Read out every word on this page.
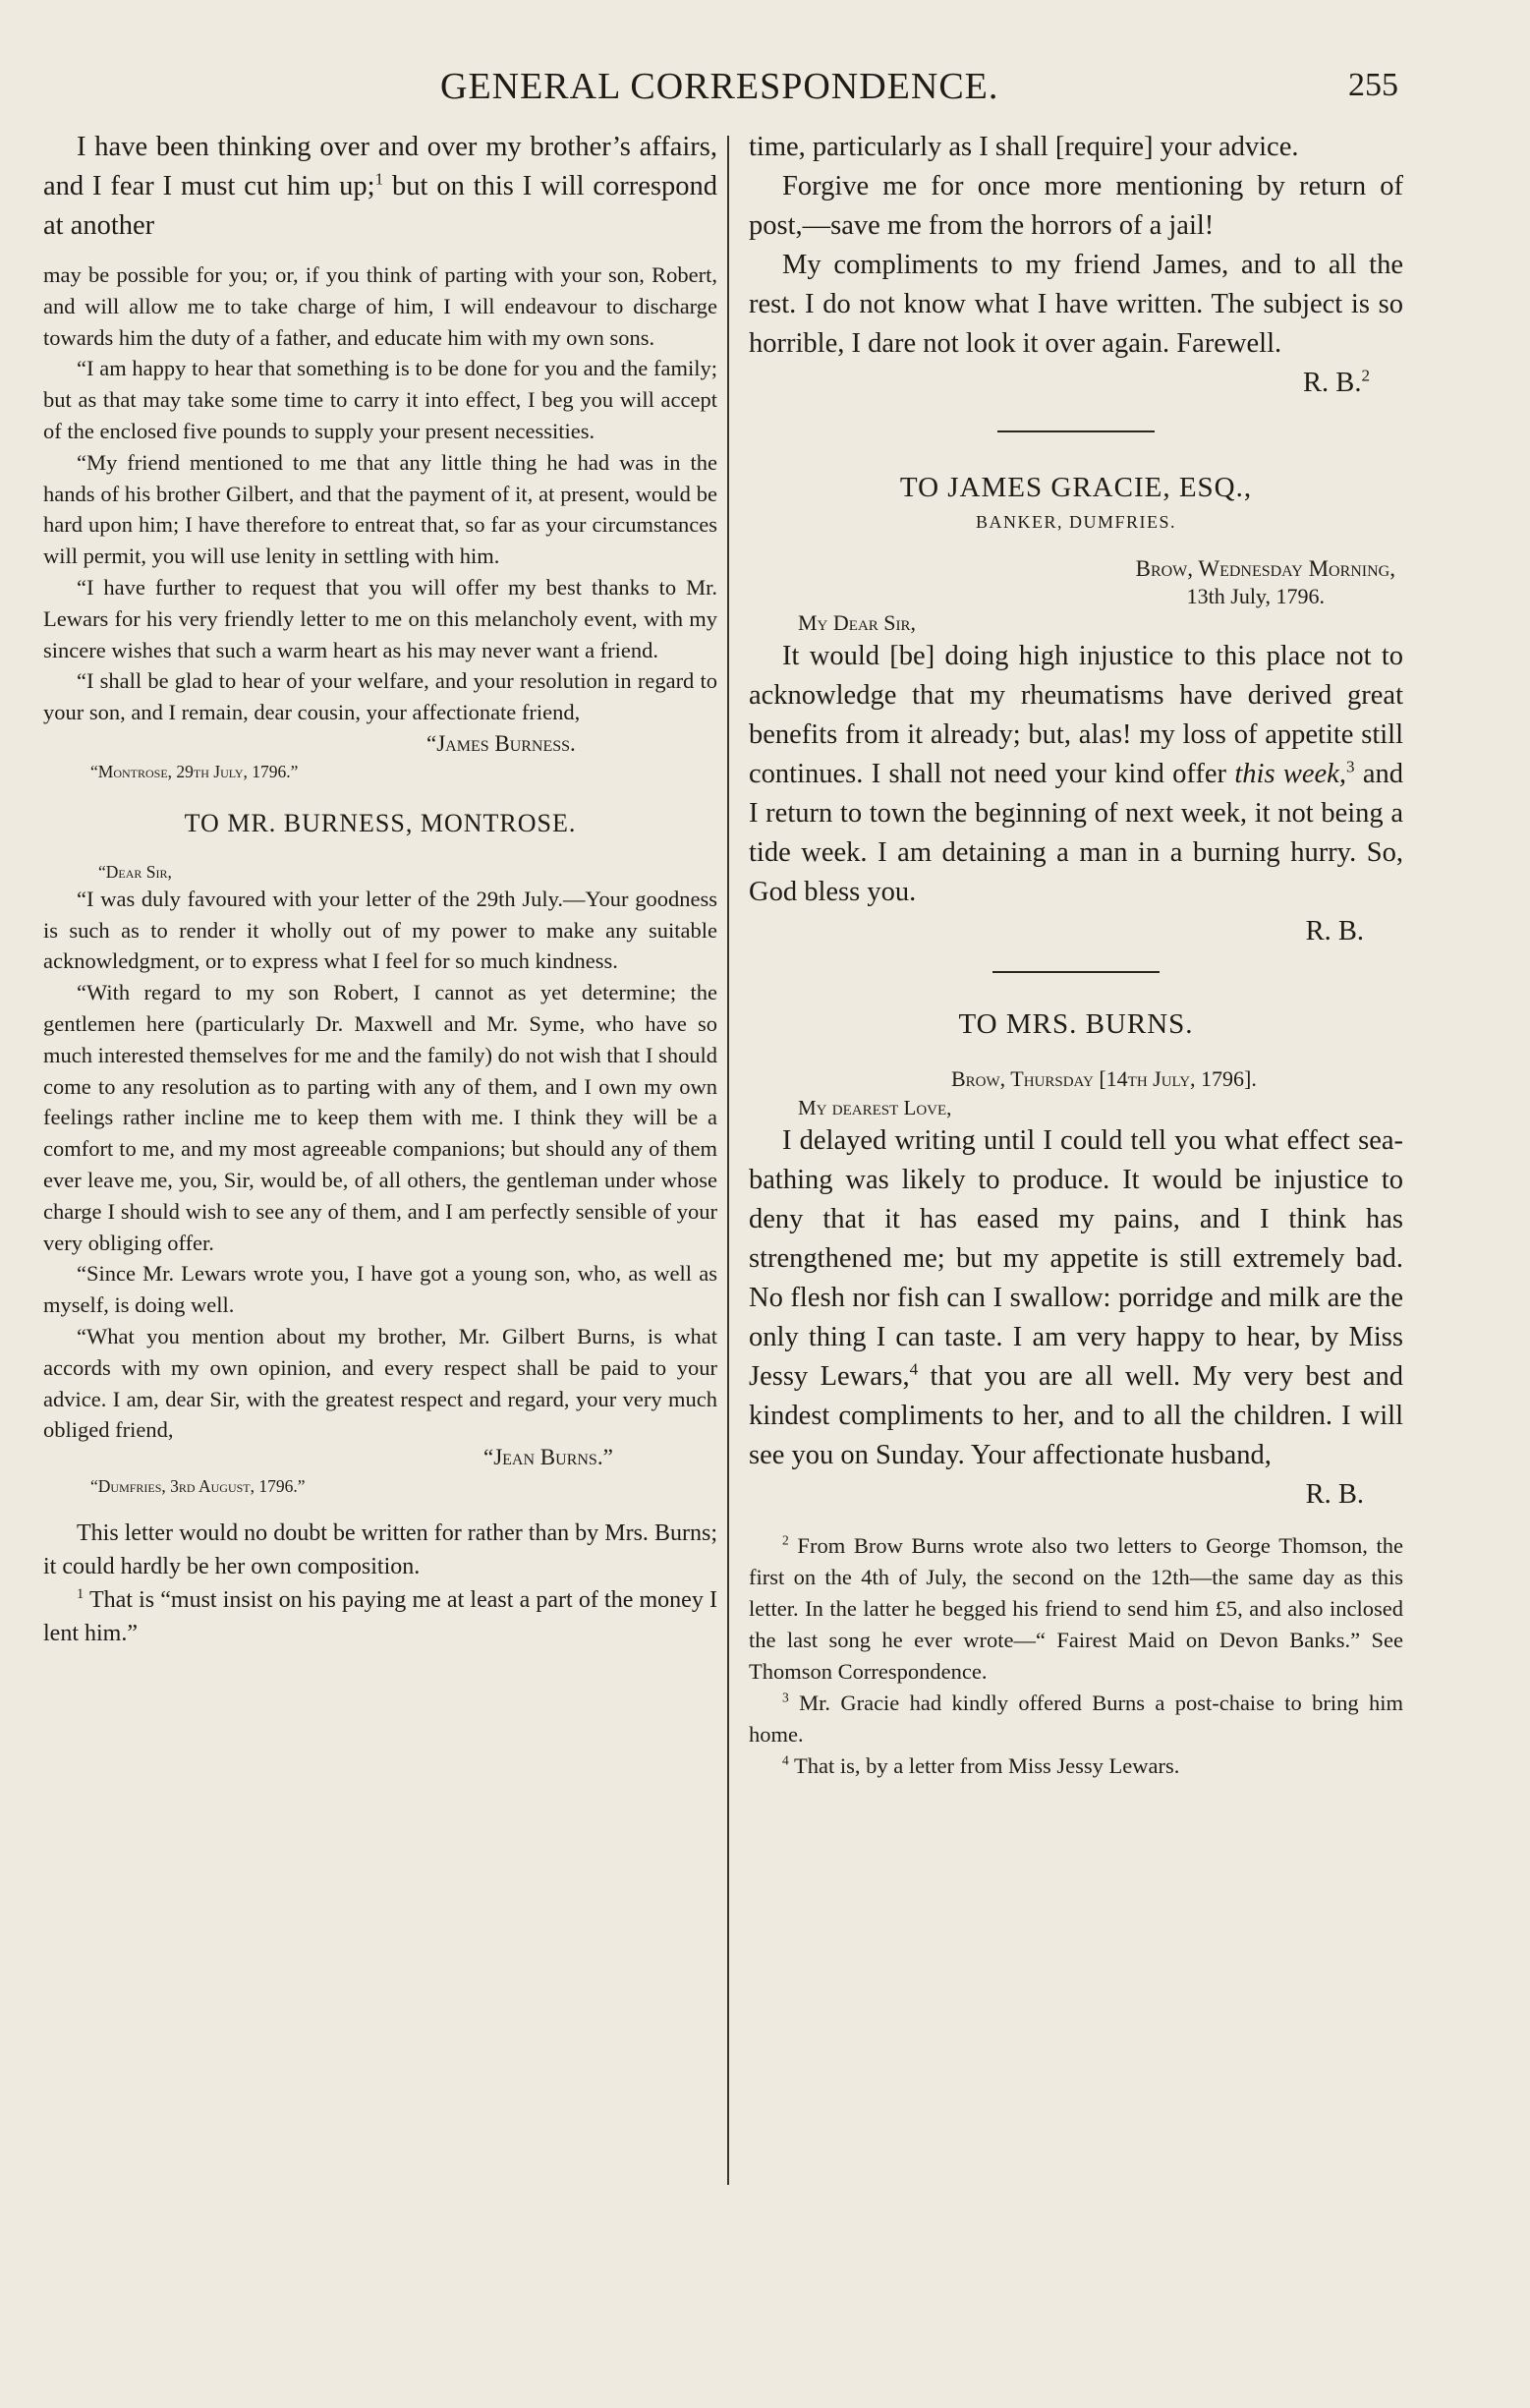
GENERAL CORRESPONDENCE.	255

I have been thinking over and over my brother’s affairs, and I fear I must cut him up;$^1$ but on this I will correspond at another

may be possible for you; or, if you think of parting with your son, Robert, and will allow me to take charge of him, I will endeavour to discharge towards him the duty of a father, and educate him with my own sons.

“I am happy to hear that something is to be done for you and the family; but as that may take some time to carry it into effect, I beg you will accept of the enclosed five pounds to supply your present necessities.

“My friend mentioned to me that any little thing he had was in the hands of his brother Gilbert, and that the payment of it, at present, would be hard upon him; I have therefore to entreat that, so far as your circumstances will permit, you will use lenity in settling with him.

“I have further to request that you will offer my best thanks to Mr. Lewars for his very friendly letter to me on this melancholy event, with my sincere wishes that such a warm heart as his may never want a friend.

“I shall be glad to hear of your welfare, and your resolution in regard to your son, and I remain, dear cousin, your affectionate friend,

“James Burness.

“Montrose, 29th July, 1796.”

TO MR. BURNESS, MONTROSE.

“Dear Sir,

“I was duly favoured with your letter of the 29th July.—Your goodness is such as to render it wholly out of my power to make any suitable acknowledgment, or to express what I feel for so much kindness.

“With regard to my son Robert, I cannot as yet determine; the gentlemen here (particularly Dr. Maxwell and Mr. Syme, who have so much interested themselves for me and the family) do not wish that I should come to any resolution as to parting with any of them, and I own my own feelings rather incline me to keep them with me. I think they will be a comfort to me, and my most agreeable companions; but should any of them ever leave me, you, Sir, would be, of all others, the gentleman under whose charge I should wish to see any of them, and I am perfectly sensible of your very obliging offer.

“Since Mr. Lewars wrote you, I have got a young son, who, as well as myself, is doing well.

“What you mention about my brother, Mr. Gilbert Burns, is what accords with my own opinion, and every respect shall be paid to your advice. I am, dear Sir, with the greatest respect and regard, your very much obliged friend,

“Jean Burns.”

“Dumfries, 3rd August, 1796.”

This letter would no doubt be written for rather than by Mrs. Burns; it could hardly be her own composition.

$^1$ That is “must insist on his paying me at least a part of the money I lent him.”

time, particularly as I shall [require] your advice.

Forgive me for once more mentioning by return of post,—save me from the horrors of a jail!

My compliments to my friend James, and to all the rest. I do not know what I have written. The subject is so horrible, I dare not look it over again. Farewell.

R. B.$^2$

TO JAMES GRACIE, ESQ.,

BANKER, DUMFRIES.

Brow, Wednesday Morning,

13th July, 1796.

My Dear Sir,

It would [be] doing high injustice to this place not to acknowledge that my rheumatisms have derived great benefits from it already; but, alas! my loss of appetite still continues. I shall not need your kind offer this week,$^3$ and I return to town the beginning of next week, it not being a tide week. I am detaining a man in a burning hurry. So, God bless you.

R. B.

TO MRS. BURNS.

Brow, Thursday [14th July, 1796].

My dearest Love,

I delayed writing until I could tell you what effect sea-bathing was likely to produce. It would be injustice to deny that it has eased my pains, and I think has strengthened me; but my appetite is still extremely bad. No flesh nor fish can I swallow: porridge and milk are the only thing I can taste. I am very happy to hear, by Miss Jessy Lewars,$^4$ that you are all well. My very best and kindest compliments to her, and to all the children. I will see you on Sunday. Your affectionate husband,

R. B.

$^2$ From Brow Burns wrote also two letters to George Thomson, the first on the 4th of July, the second on the 12th—the same day as this letter. In the latter he begged his friend to send him £5, and also inclosed the last song he ever wrote—“ Fairest Maid on Devon Banks.” See Thomson Correspondence.

$^3$ Mr. Gracie had kindly offered Burns a post-chaise to bring him home.

$^4$ That is, by a letter from Miss Jessy Lewars.
